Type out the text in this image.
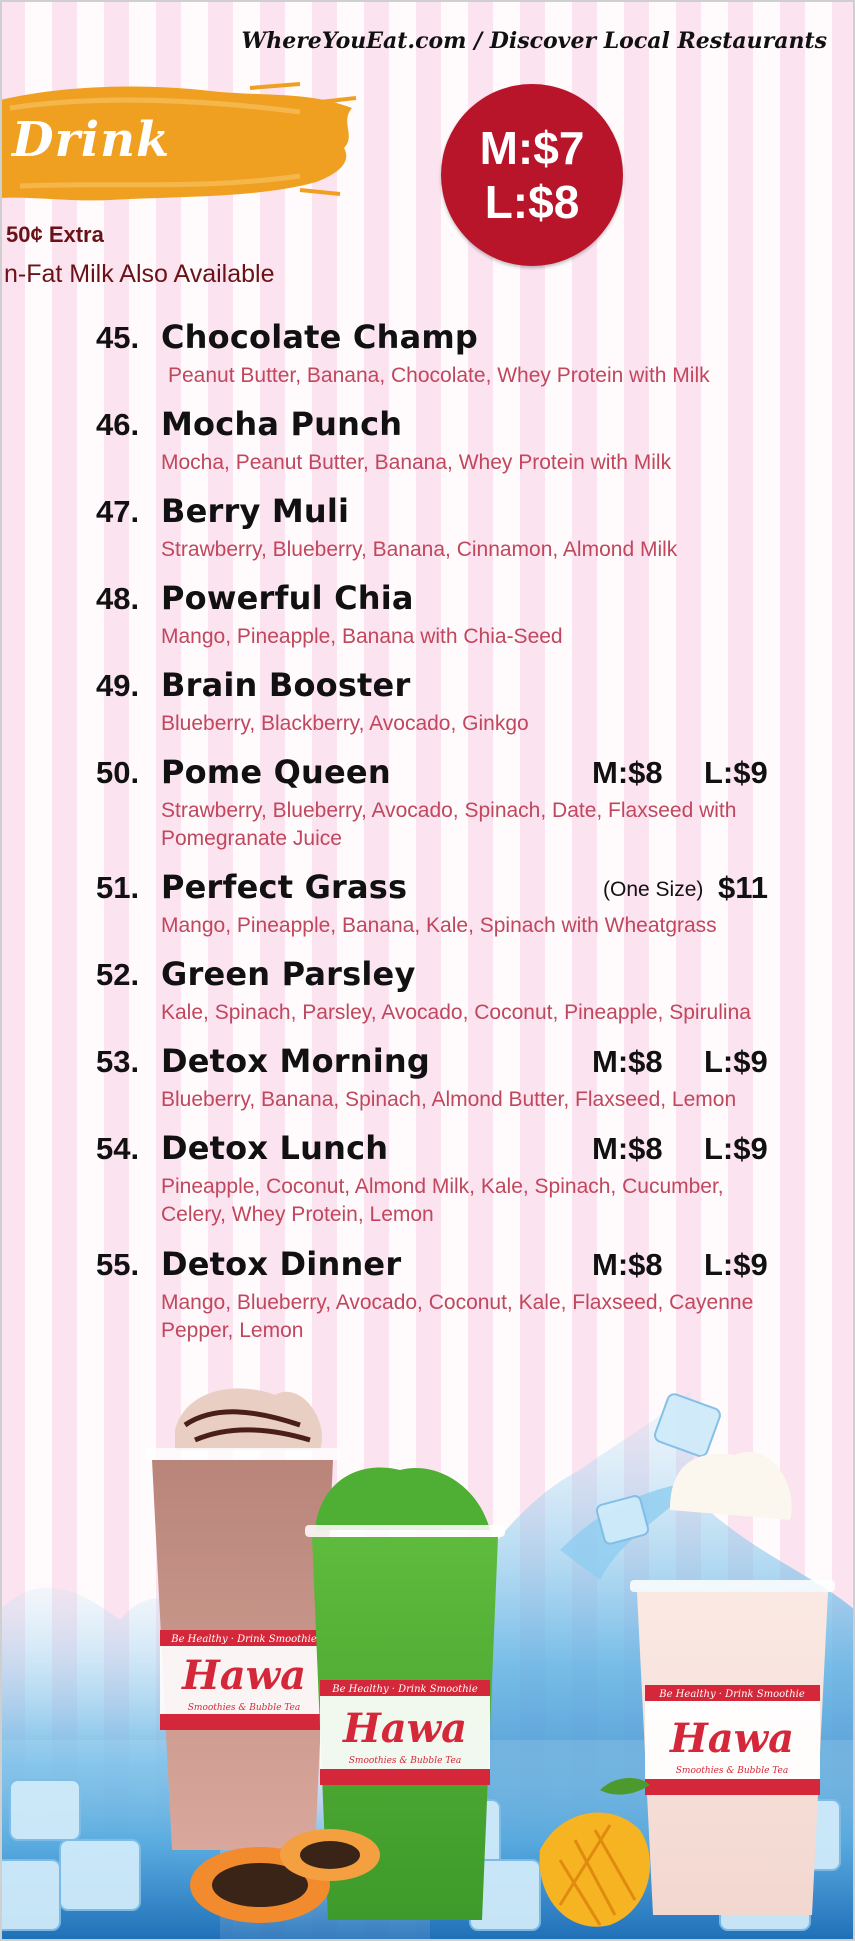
WhereYouEat.com / Discover Local Restaurants
Drink
50¢ Extra
n-Fat Milk Also Available
M:$7
L:$8
45. Chocolate Champ
Peanut Butter, Banana, Chocolate, Whey Protein with Milk
46. Mocha Punch
Mocha, Peanut Butter, Banana, Whey Protein with Milk
47. Berry Muli
Strawberry, Blueberry, Banana, Cinnamon, Almond Milk
48. Powerful Chia
Mango, Pineapple, Banana with Chia-Seed
49. Brain Booster
Blueberry, Blackberry, Avocado, Ginkgo
50. Pome Queen	M:$8 L:$9
Strawberry, Blueberry, Avocado, Spinach, Date, Flaxseed with Pomegranate Juice
51. Perfect Grass	(One Size) $11
Mango, Pineapple, Banana, Kale, Spinach with Wheatgrass
52. Green Parsley
Kale, Spinach, Parsley, Avocado, Coconut, Pineapple, Spirulina
53. Detox Morning	M:$8 L:$9
Blueberry, Banana, Spinach, Almond Butter, Flaxseed, Lemon
54. Detox Lunch	M:$8 L:$9
Pineapple, Coconut, Almond Milk, Kale, Spinach, Cucumber, Celery, Whey Protein, Lemon
55. Detox Dinner	M:$8 L:$9
Mango, Blueberry, Avocado, Coconut, Kale, Flaxseed, Cayenne Pepper, Lemon
Hawa
Be Healthy · Drink Smoothie
Smoothies & Bubble Tea Hawa
Be Healthy · Drink Smoothie
Smoothies & Bubble Tea	Hawa
Be Healthy · Drink Smoothie
Smoothies & Bubble Tea
